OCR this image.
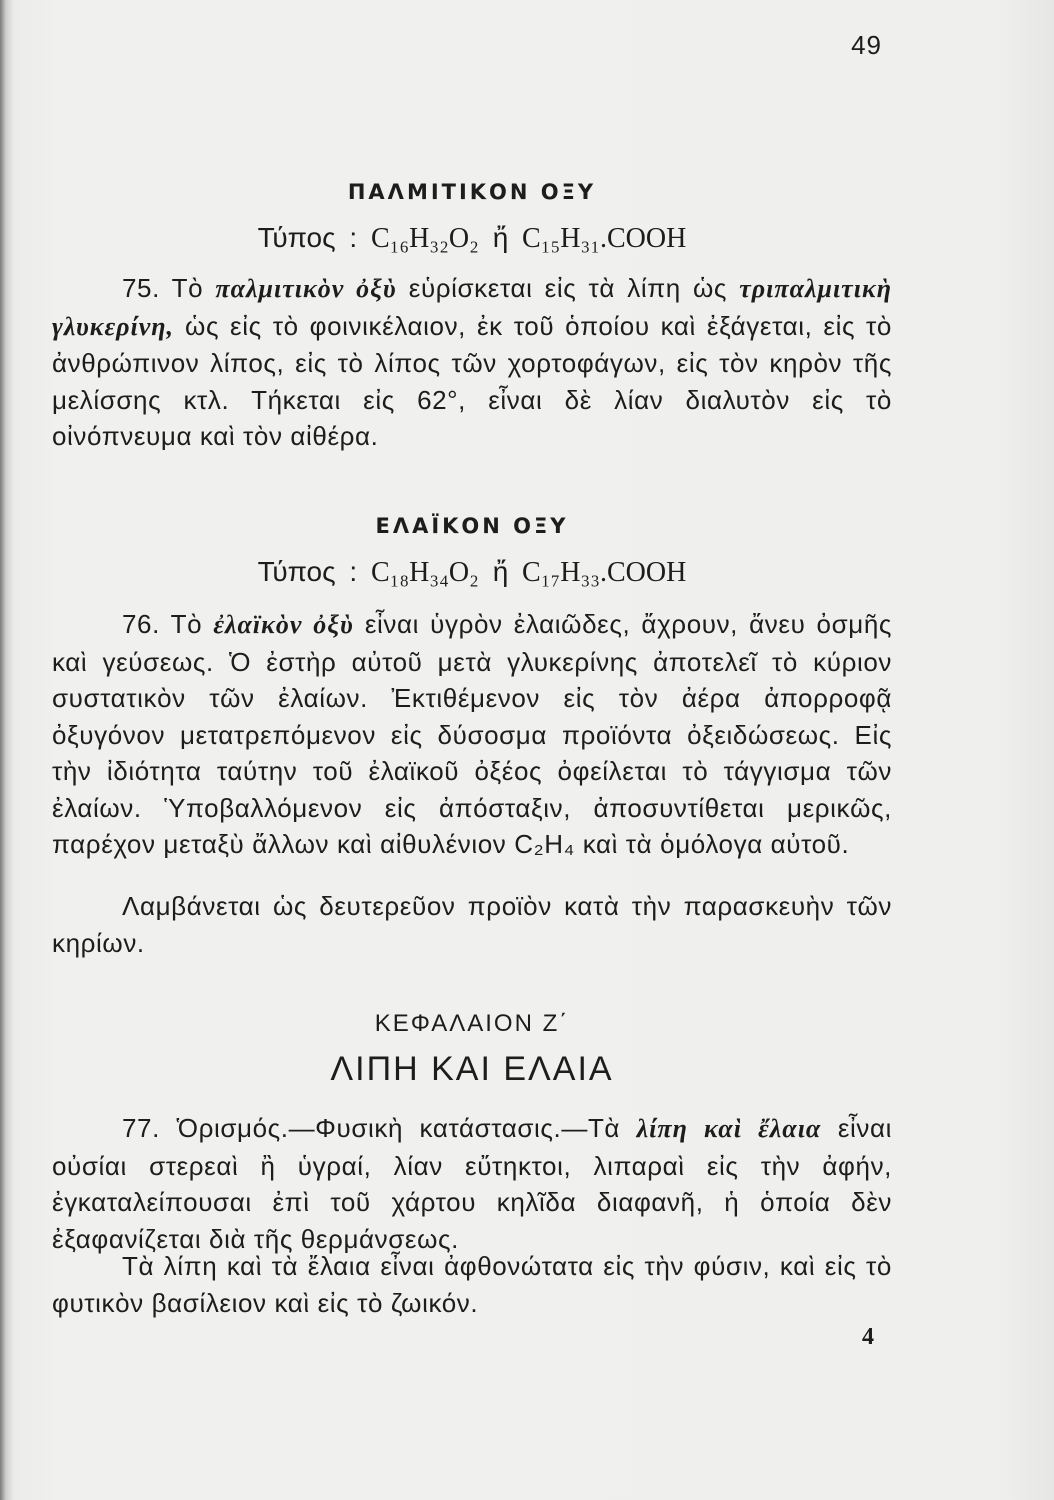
49
ΠΑΛΜΙΤΙΚΟΝ ΟΞΥ
Τύπος : C₁₆H₃₂O₂ ἤ C₁₅H₃₁.COOH
75. Τὸ παλμιτικὸν ὀξὺ εὑρίσκεται εἰς τὰ λίπη ὡς τριπαλμιτικὴ γλυκερίνη, ὡς εἰς τὸ φοινικέλαιον, ἐκ τοῦ ὁποίου καὶ ἐξάγεται, εἰς τὸ ἀνθρώπινον λίπος, εἰς τὸ λίπος τῶν χορτοφάγων, εἰς τὸν κηρὸν τῆς μελίσσης κτλ. Τήκεται εἰς 62°, εἶναι δὲ λίαν διαλυτὸν εἰς τὸ οἰνόπνευμα καὶ τὸν αἰθέρα.
ΕΛΑΪΚΟΝ ΟΞΥ
Τύπος : C₁₈H₃₄O₂ ἤ C₁₇H₃₃.COOH
76. Τὸ ἐλαϊκὸν ὀξὺ εἶναι ὑγρὸν ἐλαιῶδες, ἄχρουν, ἄνευ ὀσμῆς καὶ γεύσεως. Ὁ ἐστὴρ αὐτοῦ μετὰ γλυκερίνης ἀποτελεῖ τὸ κύριον συστατικὸν τῶν ἐλαίων. Ἐκτιθέμενον εἰς τὸν ἀέρα ἀπορροφᾷ ὀξυγόνον μετατρεπόμενον εἰς δύσοσμα προϊόντα ὀξειδώσεως. Εἰς τὴν ἰδιότητα ταύτην τοῦ ἐλαϊκοῦ ὀξέος ὀφείλεται τὸ τάγγισμα τῶν ἐλαίων. Ὑποβαλλόμενον εἰς ἀπόσταξιν, ἀποσυντίθεται μερικῶς, παρέχον μεταξὺ ἄλλων καὶ αἰθυλένιον C₂H₄ καὶ τὰ ὁμόλογα αὐτοῦ.
Λαμβάνεται ὡς δευτερεῦον προϊὸν κατὰ τὴν παρασκευὴν τῶν κηρίων.
ΚΕΦΑΛΑΙΟΝ Ζ΄
ΛΙΠΗ ΚΑΙ ΕΛΑΙΑ
77. Ὁρισμός.—Φυσικὴ κατάστασις.—Τὰ λίπη καὶ ἔλαια εἶναι οὐσίαι στερεαὶ ἢ ὑγραί, λίαν εὔτηκτοι, λιπαραὶ εἰς τὴν ἀφήν, ἐγκαταλείπουσαι ἐπὶ τοῦ χάρτου κηλῖδα διαφανῆ, ἡ ὁποία δὲν ἐξαφανίζεται διὰ τῆς θερμάνσεως.
Τὰ λίπη καὶ τὰ ἔλαια εἶναι ἀφθονώτατα εἰς τὴν φύσιν, καὶ εἰς τὸ φυτικὸν βασίλειον καὶ εἰς τὸ ζωικόν.
4
